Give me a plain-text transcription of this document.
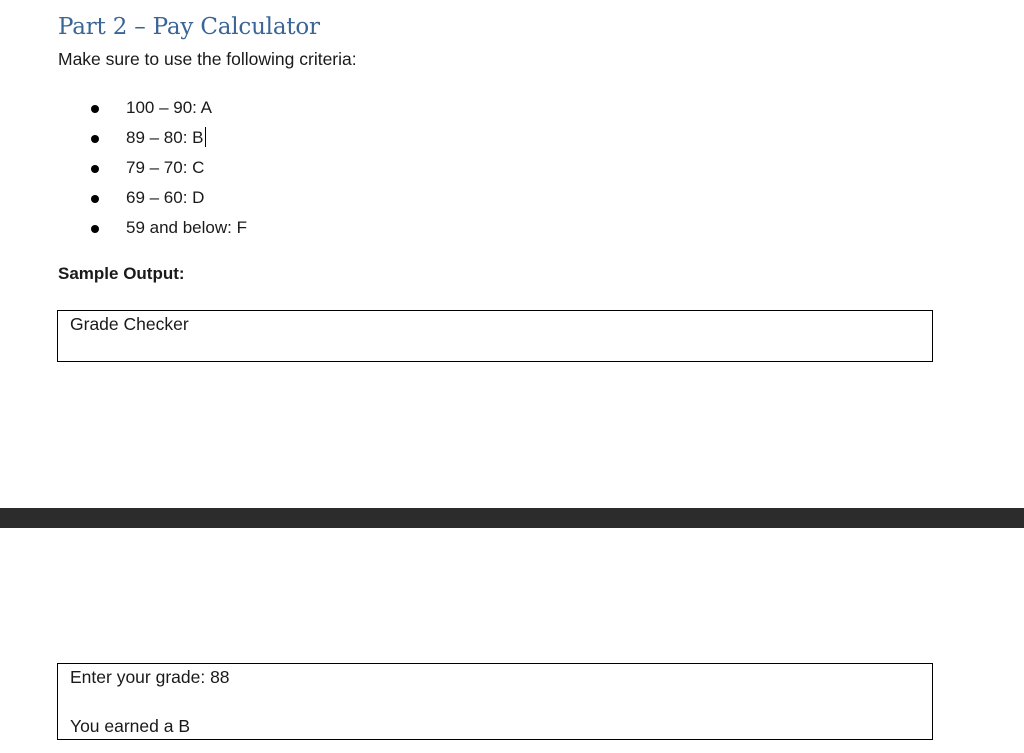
Part 2 – Pay Calculator

Make sure to use the following criteria:

100 – 90: A
89 – 80: B
79 – 70: C
69 – 60: D
59 and below: F

Sample Output:

Grade Checker
Enter your grade: 88
You earned a B
